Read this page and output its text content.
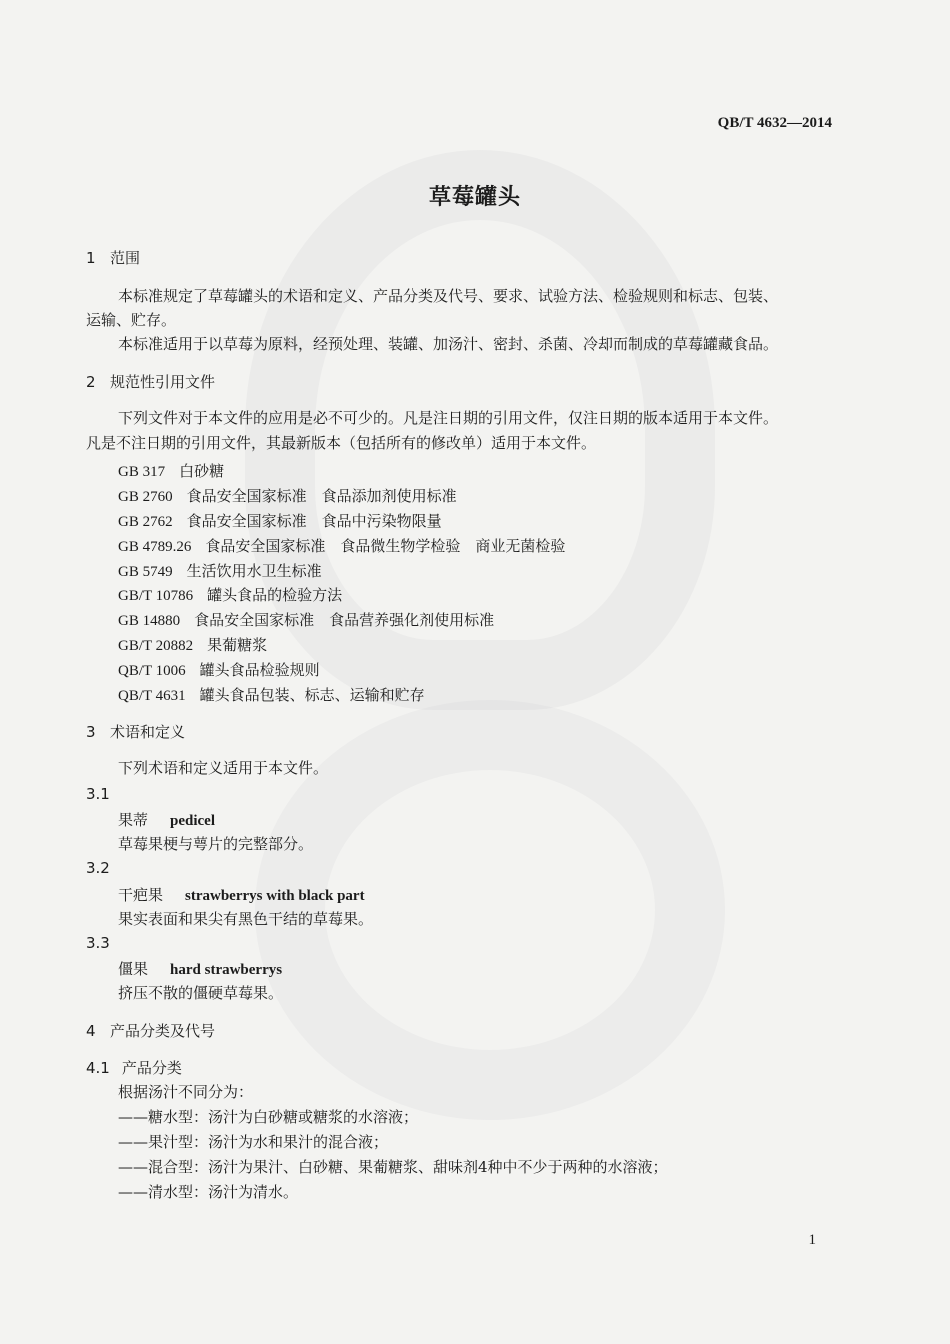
QB/T 4632—2014
草莓罐头
1 范围
本标准规定了草莓罐头的术语和定义、产品分类及代号、要求、试验方法、检验规则和标志、包装、
运输、贮存。
本标准适用于以草莓为原料，经预处理、装罐、加汤汁、密封、杀菌、冷却而制成的草莓罐藏食品。
2 规范性引用文件
下列文件对于本文件的应用是必不可少的。凡是注日期的引用文件，仅注日期的版本适用于本文件。
凡是不注日期的引用文件，其最新版本（包括所有的修改单）适用于本文件。
GB 317 白砂糖
GB 2760 食品安全国家标准　食品添加剂使用标准
GB 2762 食品安全国家标准　食品中污染物限量
GB 4789.26 食品安全国家标准　食品微生物学检验　商业无菌检验
GB 5749 生活饮用水卫生标准
GB/T 10786 罐头食品的检验方法
GB 14880 食品安全国家标准　食品营养强化剂使用标准
GB/T 20882 果葡糖浆
QB/T 1006 罐头食品检验规则
QB/T 4631 罐头食品包装、标志、运输和贮存
3 术语和定义
下列术语和定义适用于本文件。
3.1
果蒂 pedicel
草莓果梗与萼片的完整部分。
3.2
干疤果 strawberrys with black part
果实表面和果尖有黑色干结的草莓果。
3.3
僵果 hard strawberrys
挤压不散的僵硬草莓果。
4 产品分类及代号
4.1 产品分类
根据汤汁不同分为：
——糖水型：汤汁为白砂糖或糖浆的水溶液；
——果汁型：汤汁为水和果汁的混合液；
——混合型：汤汁为果汁、白砂糖、果葡糖浆、甜味剂4种中不少于两种的水溶液；
——清水型：汤汁为清水。
1
